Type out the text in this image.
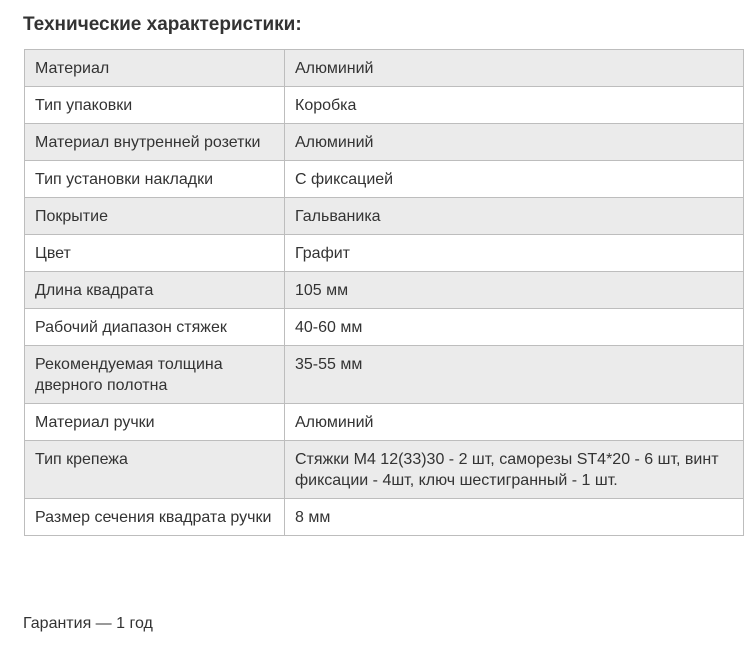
Технические характеристики:
Материал	Алюминий
Тип упаковки	Коробка
Материал внутренней розетки	Алюминий
Тип установки накладки	С фиксацией
Покрытие	Гальваника
Цвет	Графит
Длина квадрата	105 мм
Рабочий диапазон стяжек	40-60 мм
Рекомендуемая толщина дверного полотна	35-55 мм
Материал ручки	Алюминий
Тип крепежа	Стяжки М4 12(33)30 - 2 шт, саморезы ST4*20 - 6 шт, винт фиксации - 4шт, ключ шестигранный - 1 шт.
Размер сечения квадрата ручки	8 мм

Гарантия — 1 год
